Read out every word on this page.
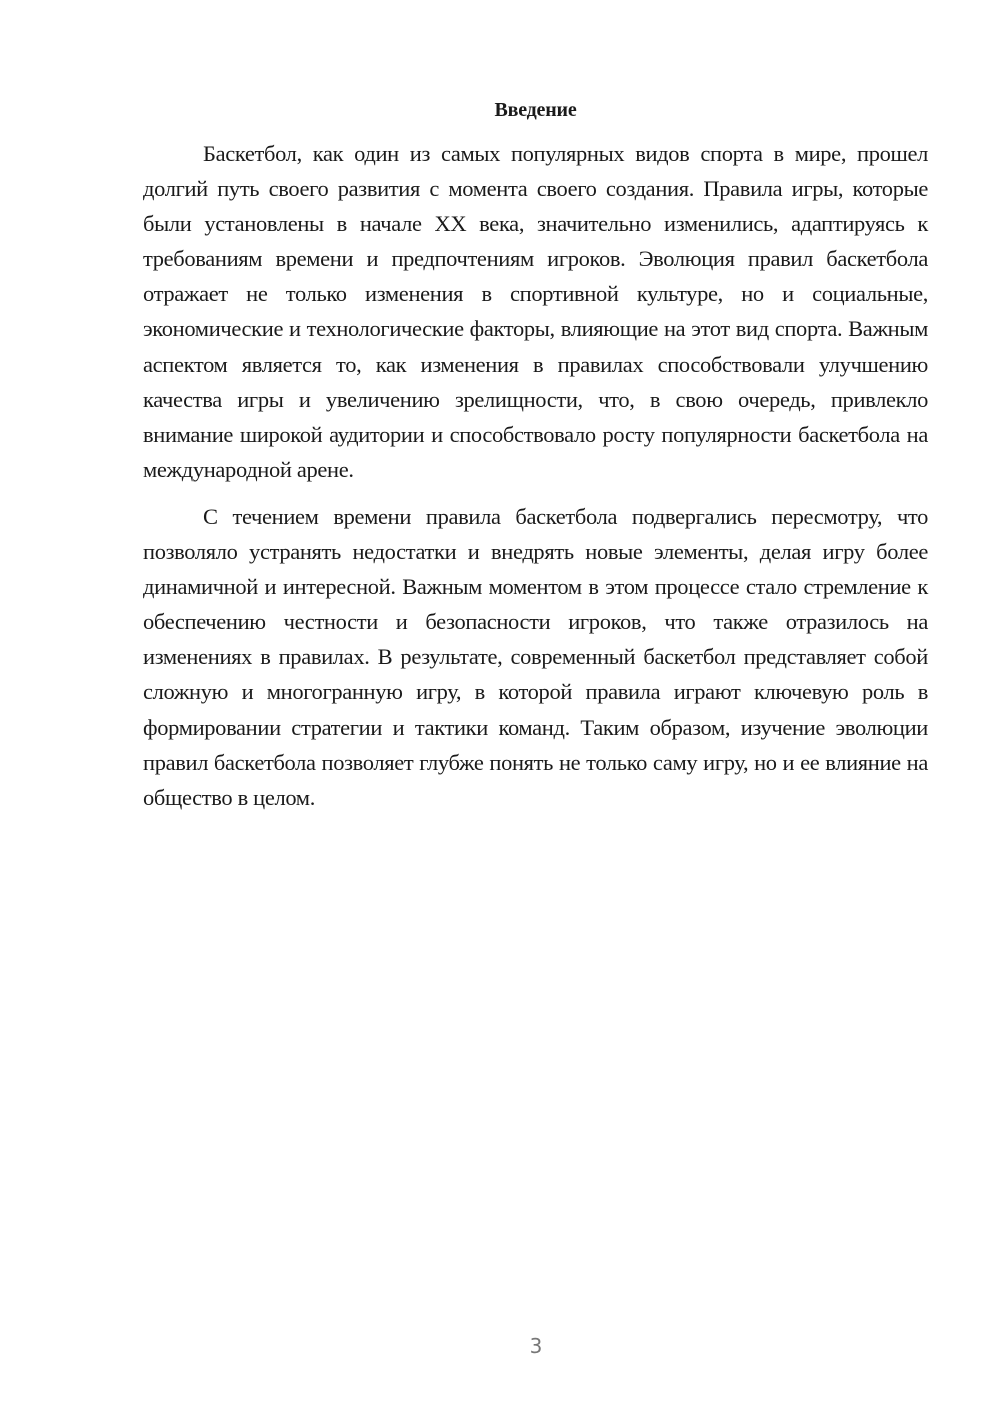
Введение

Баскетбол, как один из самых популярных видов спорта в мире, прошел долгий путь своего развития с момента своего создания. Правила игры, которые были установлены в начале XX века, значительно изменились, адаптируясь к требованиям времени и предпочтениям игроков. Эволюция правил баскетбола отражает не только изменения в спортивной культуре, но и социальные, экономические и технологические факторы, влияющие на этот вид спорта. Важным аспектом является то, как изменения в правилах способствовали улучшению качества игры и увеличению зрелищности, что, в свою очередь, привлекло внимание широкой аудитории и способствовало росту популярности баскетбола на международной арене.

С течением времени правила баскетбола подвергались пересмотру, что позволяло устранять недостатки и внедрять новые элементы, делая игру более динамичной и интересной. Важным моментом в этом процессе стало стремление к обеспечению честности и безопасности игроков, что также отразилось на изменениях в правилах. В результате, современный баскетбол представляет собой сложную и многогранную игру, в которой правила играют ключевую роль в формировании стратегии и тактики команд. Таким образом, изучение эволюции правил баскетбола позволяет глубже понять не только саму игру, но и ее влияние на общество в целом.

3
